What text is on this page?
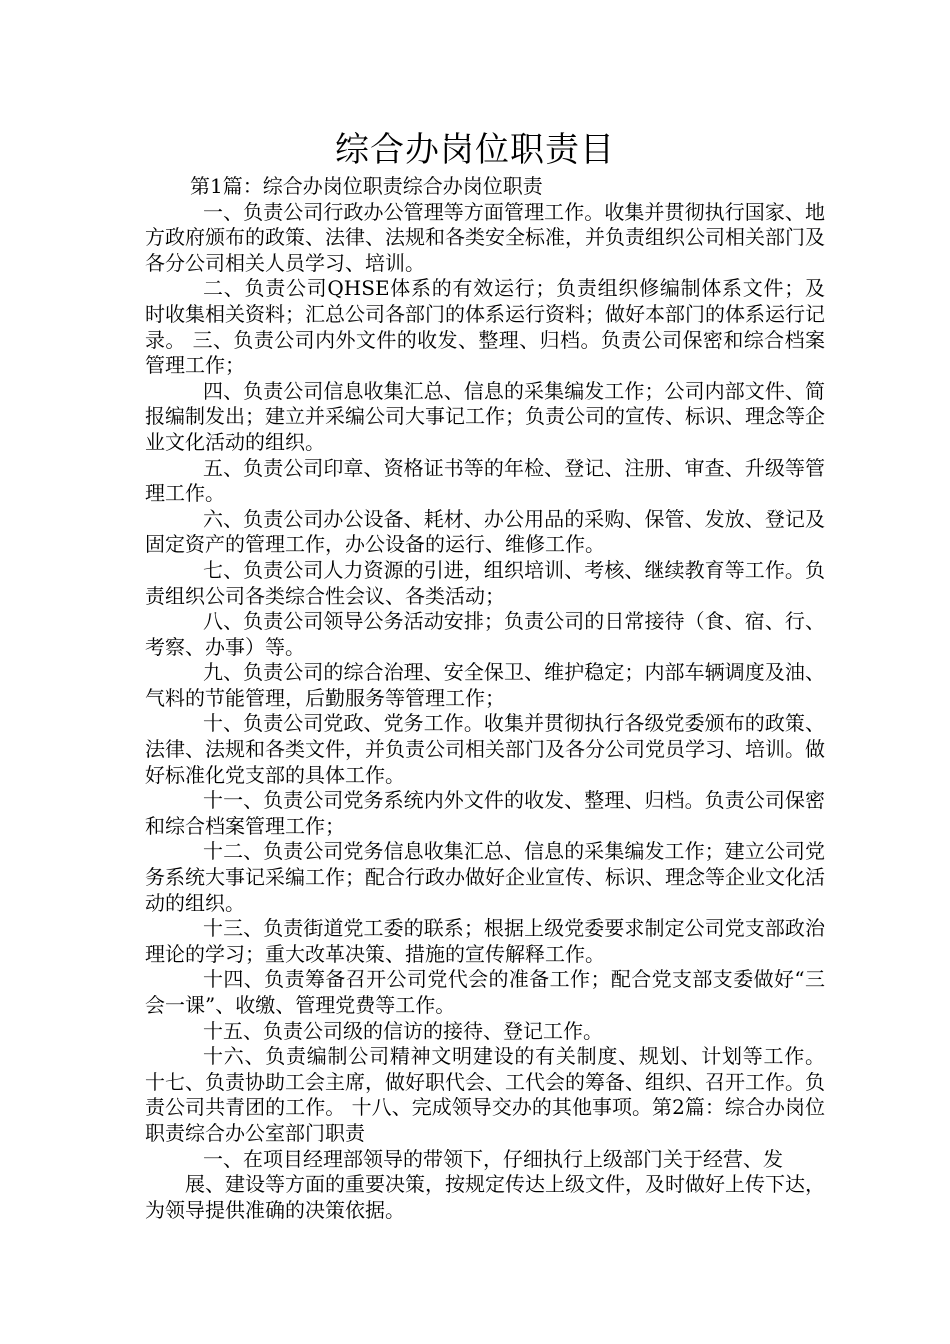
综合办岗位职责目

第1篇：综合办岗位职责综合办岗位职责

一、负责公司行政办公管理等方面管理工作。收集并贯彻执行国家、地方政府颁布的政策、法律、法规和各类安全标准，并负责组织公司相关部门及各分公司相关人员学习、培训。

二、负责公司QHSE体系的有效运行；负责组织修编制体系文件；及时收集相关资料；汇总公司各部门的体系运行资料；做好本部门的体系运行记录。 三、负责公司内外文件的收发、整理、归档。负责公司保密和综合档案管理工作；

四、负责公司信息收集汇总、信息的采集编发工作；公司内部文件、简报编制发出；建立并采编公司大事记工作；负责公司的宣传、标识、理念等企业文化活动的组织。

五、负责公司印章、资格证书等的年检、登记、注册、审查、升级等管理工作。

六、负责公司办公设备、耗材、办公用品的采购、保管、发放、登记及固定资产的管理工作，办公设备的运行、维修工作。

七、负责公司人力资源的引进，组织培训、考核、继续教育等工作。负责组织公司各类综合性会议、各类活动；

八、负责公司领导公务活动安排；负责公司的日常接待（食、宿、行、考察、办事）等。

九、负责公司的综合治理、安全保卫、维护稳定；内部车辆调度及油、气料的节能管理，后勤服务等管理工作；

十、负责公司党政、党务工作。收集并贯彻执行各级党委颁布的政策、法律、法规和各类文件，并负责公司相关部门及各分公司党员学习、培训。做好标准化党支部的具体工作。

十一、负责公司党务系统内外文件的收发、整理、归档。负责公司保密和综合档案管理工作；

十二、负责公司党务信息收集汇总、信息的采集编发工作；建立公司党务系统大事记采编工作；配合行政办做好企业宣传、标识、理念等企业文化活动的组织。

十三、负责街道党工委的联系；根据上级党委要求制定公司党支部政治理论的学习；重大改革决策、措施的宣传解释工作。

十四、负责筹备召开公司党代会的准备工作；配合党支部支委做好“三会一课”、收缴、管理党费等工作。

十五、负责公司级的信访的接待、登记工作。

十六、负责编制公司精神文明建设的有关制度、规划、计划等工作。 十七、负责协助工会主席，做好职代会、工代会的筹备、组织、召开工作。负责公司共青团的工作。 十八、完成领导交办的其他事项。第2篇：综合办岗位职责综合办公室部门职责

一、在项目经理部领导的带领下，仔细执行上级部门关于经营、发

展、建设等方面的重要决策，按规定传达上级文件，及时做好上传下达，为领导提供准确的决策依据。
